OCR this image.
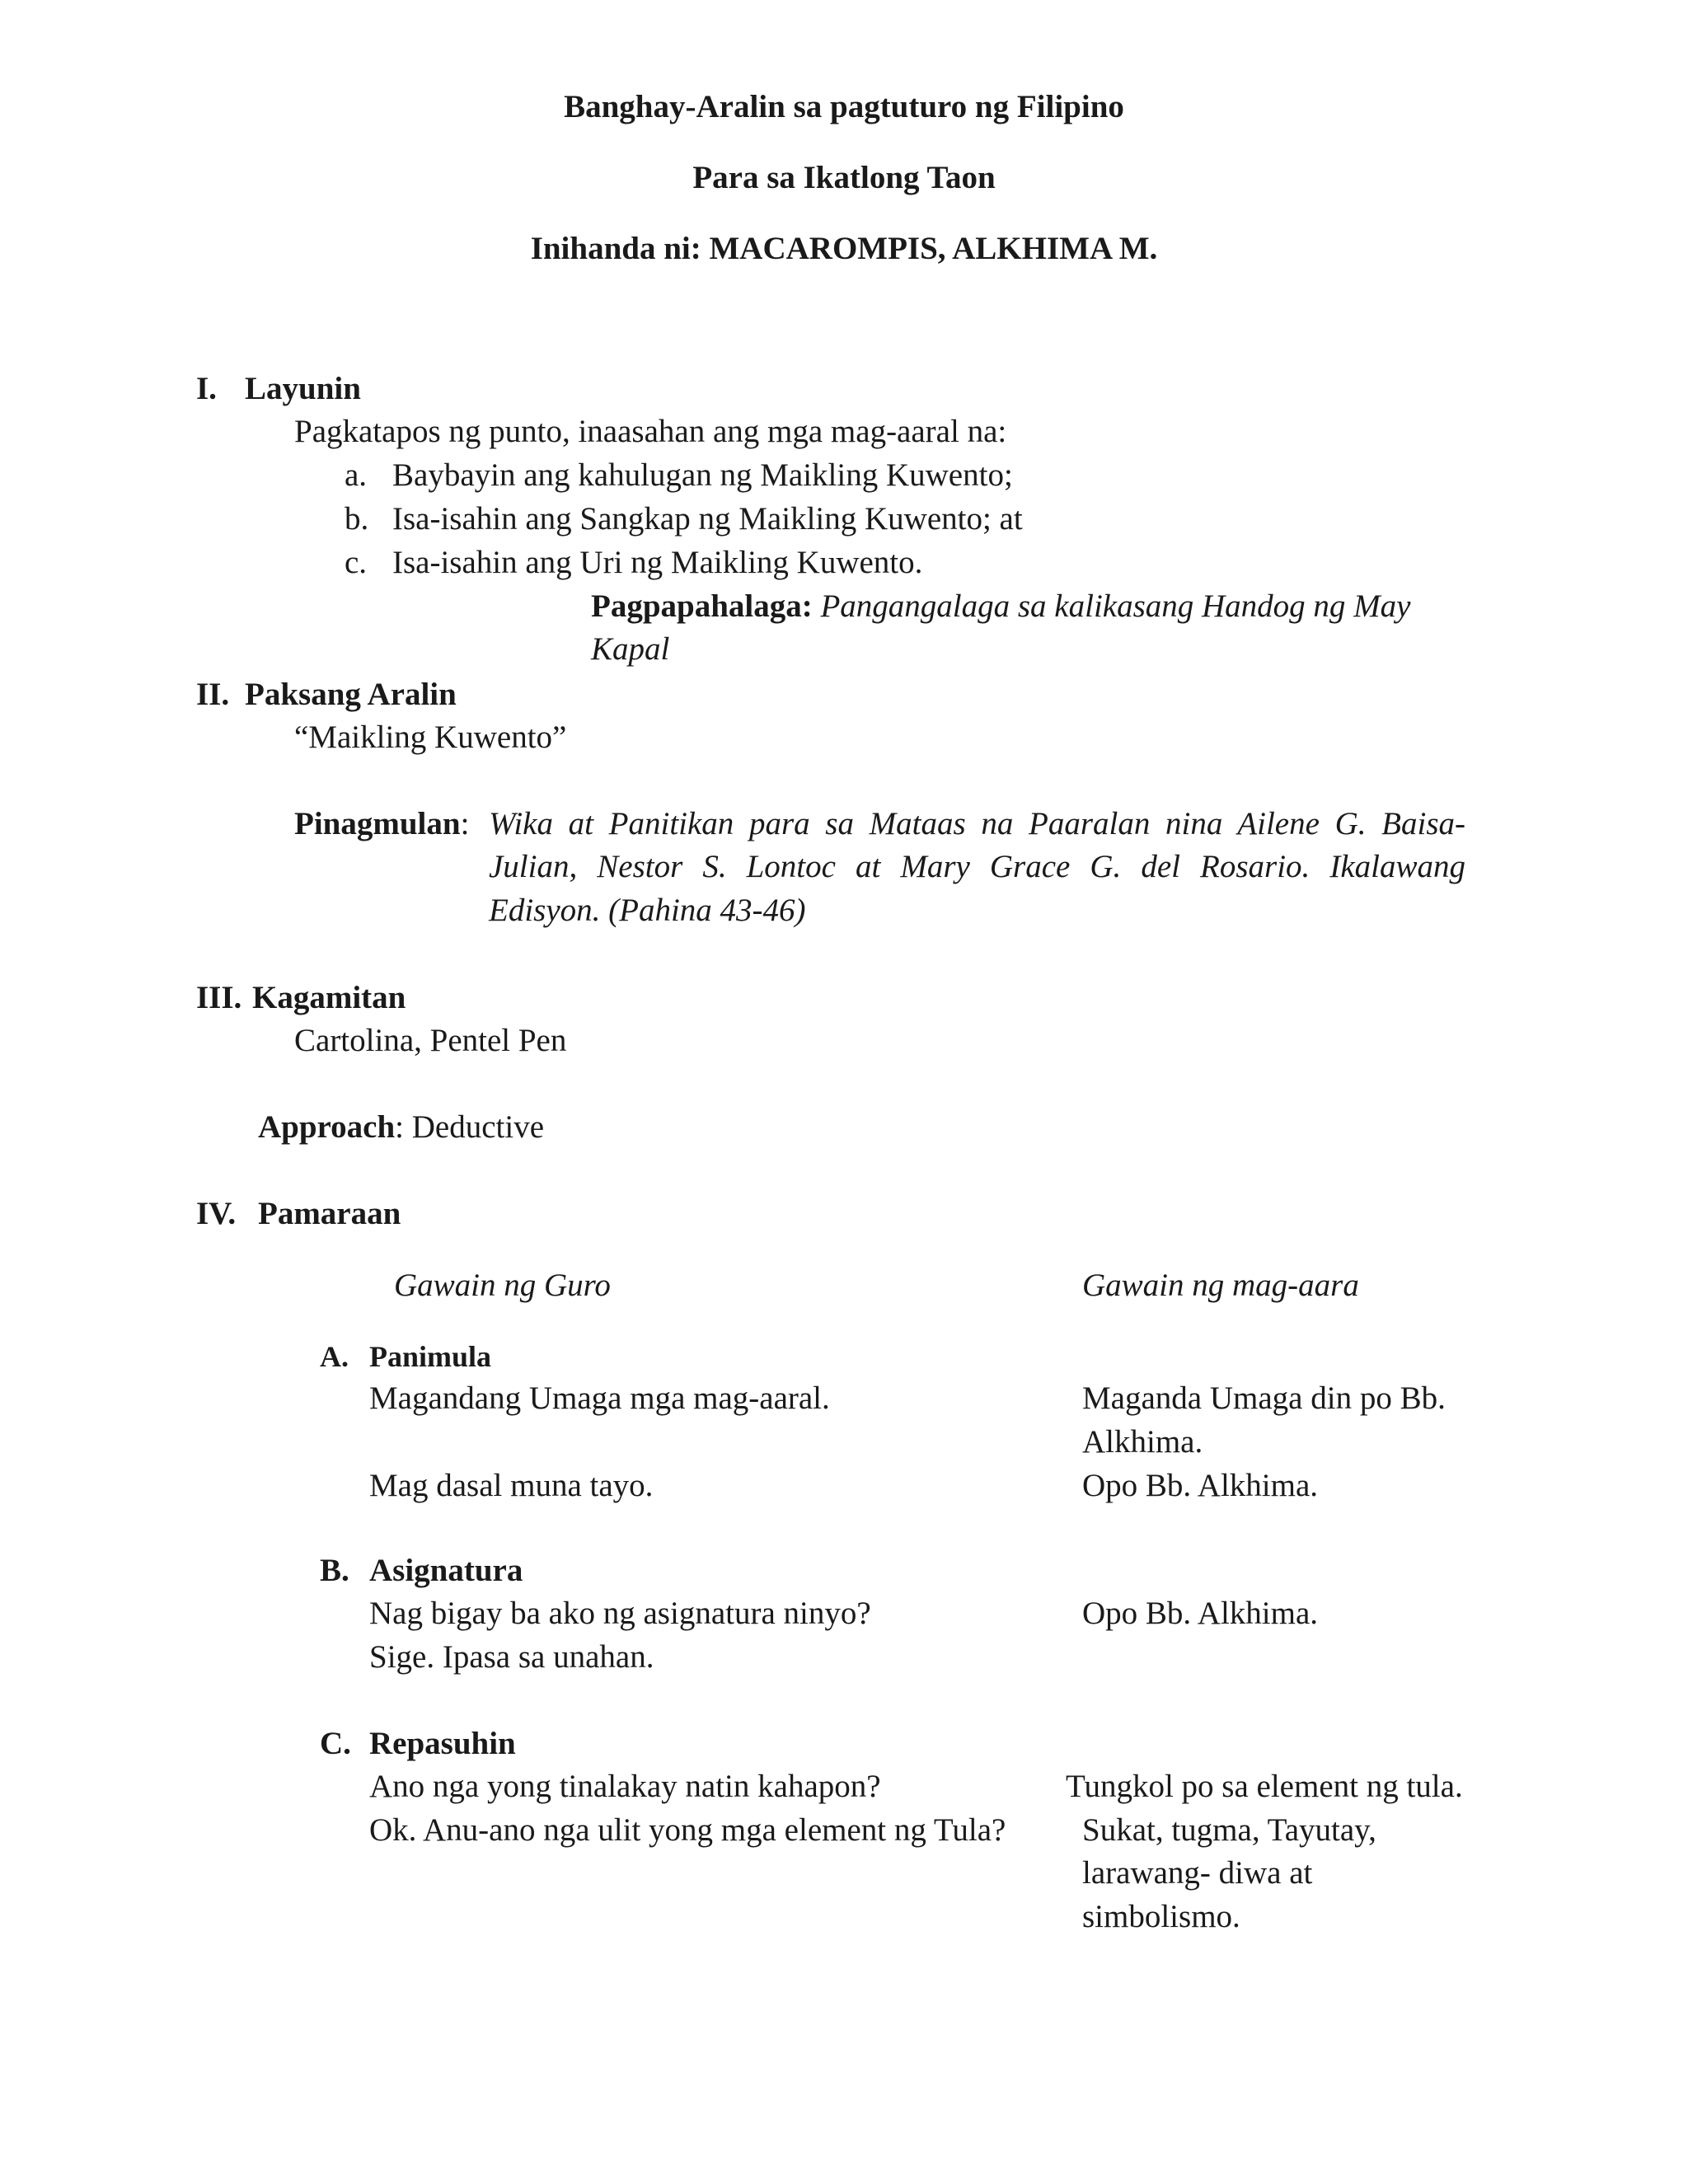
Banghay-Aralin sa pagtuturo ng Filipino
Para sa Ikatlong Taon
Inihanda ni: MACAROMPIS, ALKHIMA M.
I. Layunin
Pagkatapos ng punto, inaasahan ang mga mag-aaral na:
a. Baybayin ang kahulugan ng Maikling Kuwento;
b. Isa-isahin ang Sangkap ng Maikling Kuwento; at
c. Isa-isahin ang Uri ng Maikling Kuwento.
Pagpapahalaga: Pangangalaga sa kalikasang Handog ng May
Kapal
II. Paksang Aralin
“Maikling Kuwento”
Pinagmulan: Wika at Panitikan para sa Mataas na Paaralan nina Ailene G. Baisa-
Julian, Nestor S. Lontoc at Mary Grace G. del Rosario. Ikalawang
Edisyon. (Pahina 43-46)
III. Kagamitan
Cartolina, Pentel Pen
Approach: Deductive
IV. Pamaraan
Gawain ng Guro	Gawain ng mag-aara
A. Panimula
Magandang Umaga mga mag-aaral.	Maganda Umaga din po Bb.
Alkhima.
Mag dasal muna tayo.	Opo Bb. Alkhima.
B. Asignatura
Nag bigay ba ako ng asignatura ninyo?	Opo Bb. Alkhima.
Sige. Ipasa sa unahan.
C. Repasuhin
Ano nga yong tinalakay natin kahapon?	Tungkol po sa element ng tula.
Ok. Anu-ano nga ulit yong mga element ng Tula? Sukat, tugma, Tayutay,
larawang- diwa at
simbolismo.
